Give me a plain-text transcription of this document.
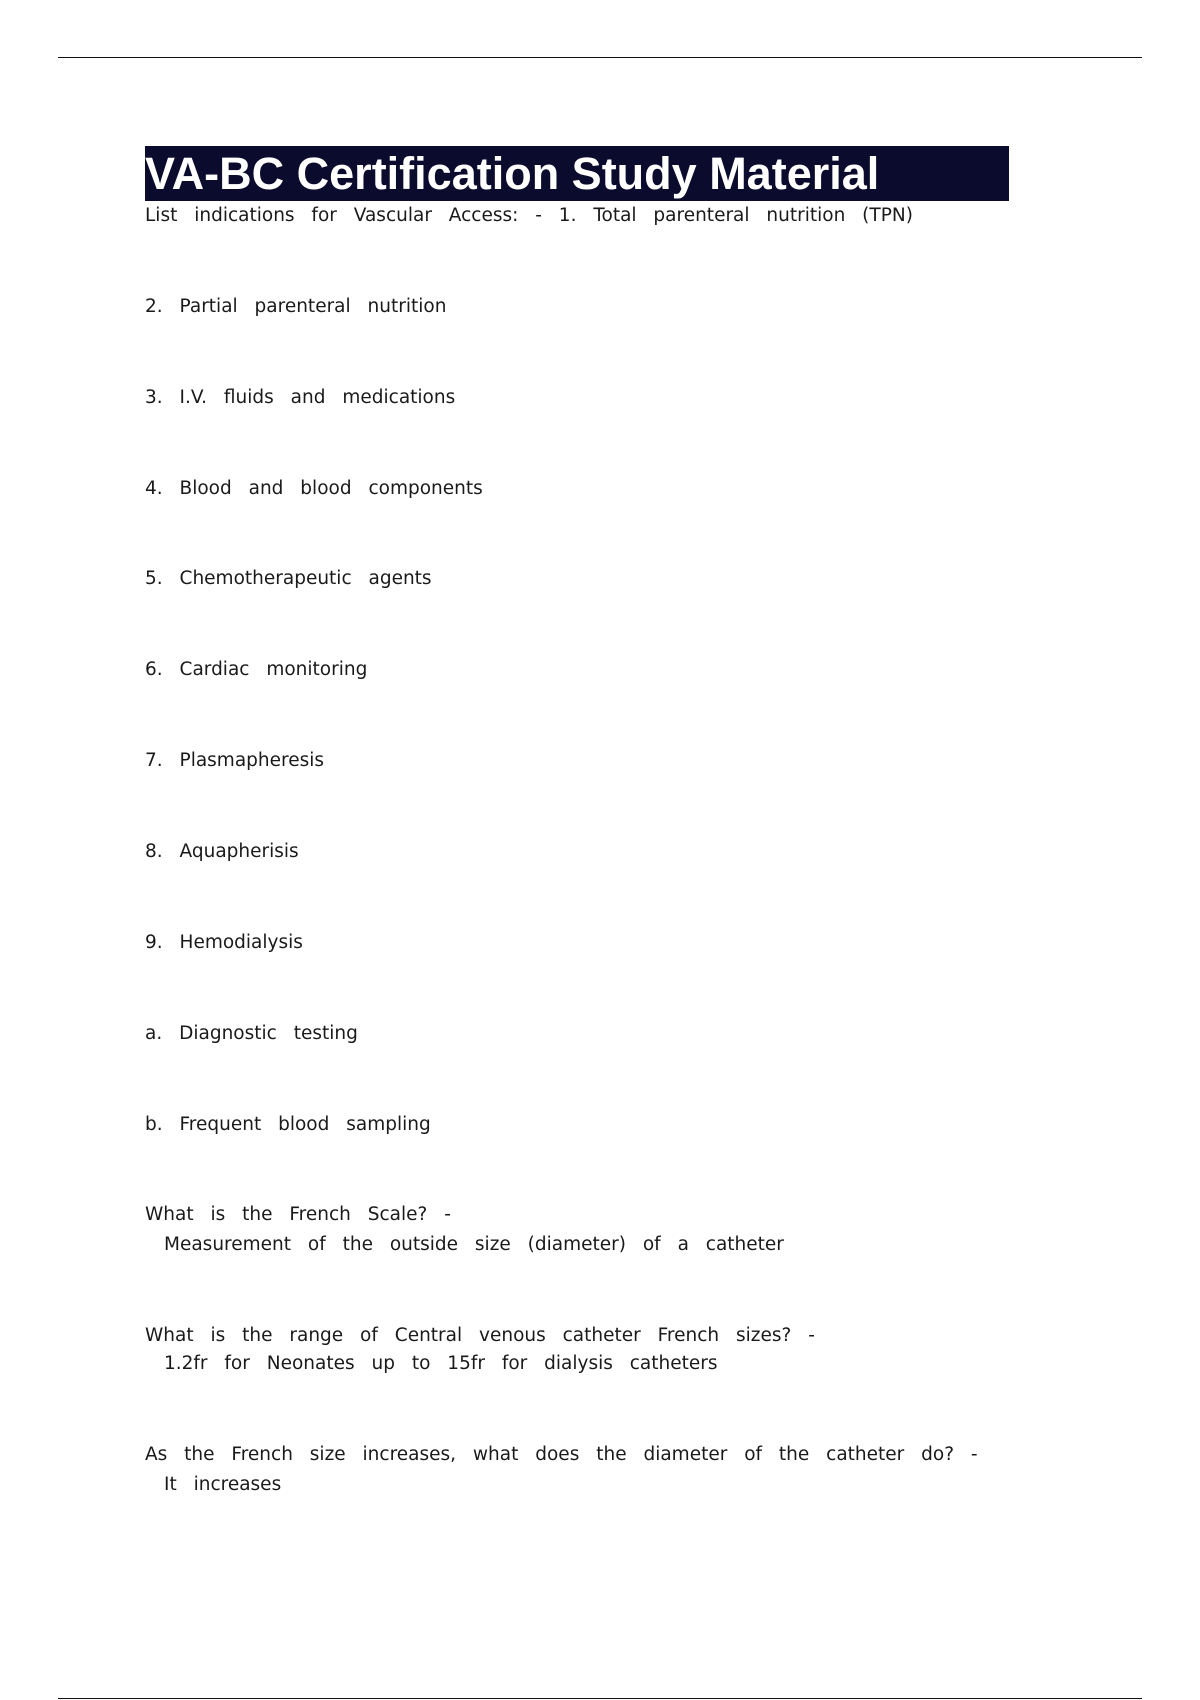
VA-BC Certification Study Material
List indications for Vascular Access: - 1. Total parenteral nutrition (TPN)
2. Partial parenteral nutrition
3. I.V. fluids and medications
4. Blood and blood components
5. Chemotherapeutic agents
6. Cardiac monitoring
7. Plasmapheresis
8. Aquapherisis
9. Hemodialysis
a. Diagnostic testing
b. Frequent blood sampling
What is the French Scale? -
Measurement of the outside size (diameter) of a catheter
What is the range of Central venous catheter French sizes? -
1.2fr for Neonates up to 15fr for dialysis catheters
As the French size increases, what does the diameter of the catheter do? -
It increases
